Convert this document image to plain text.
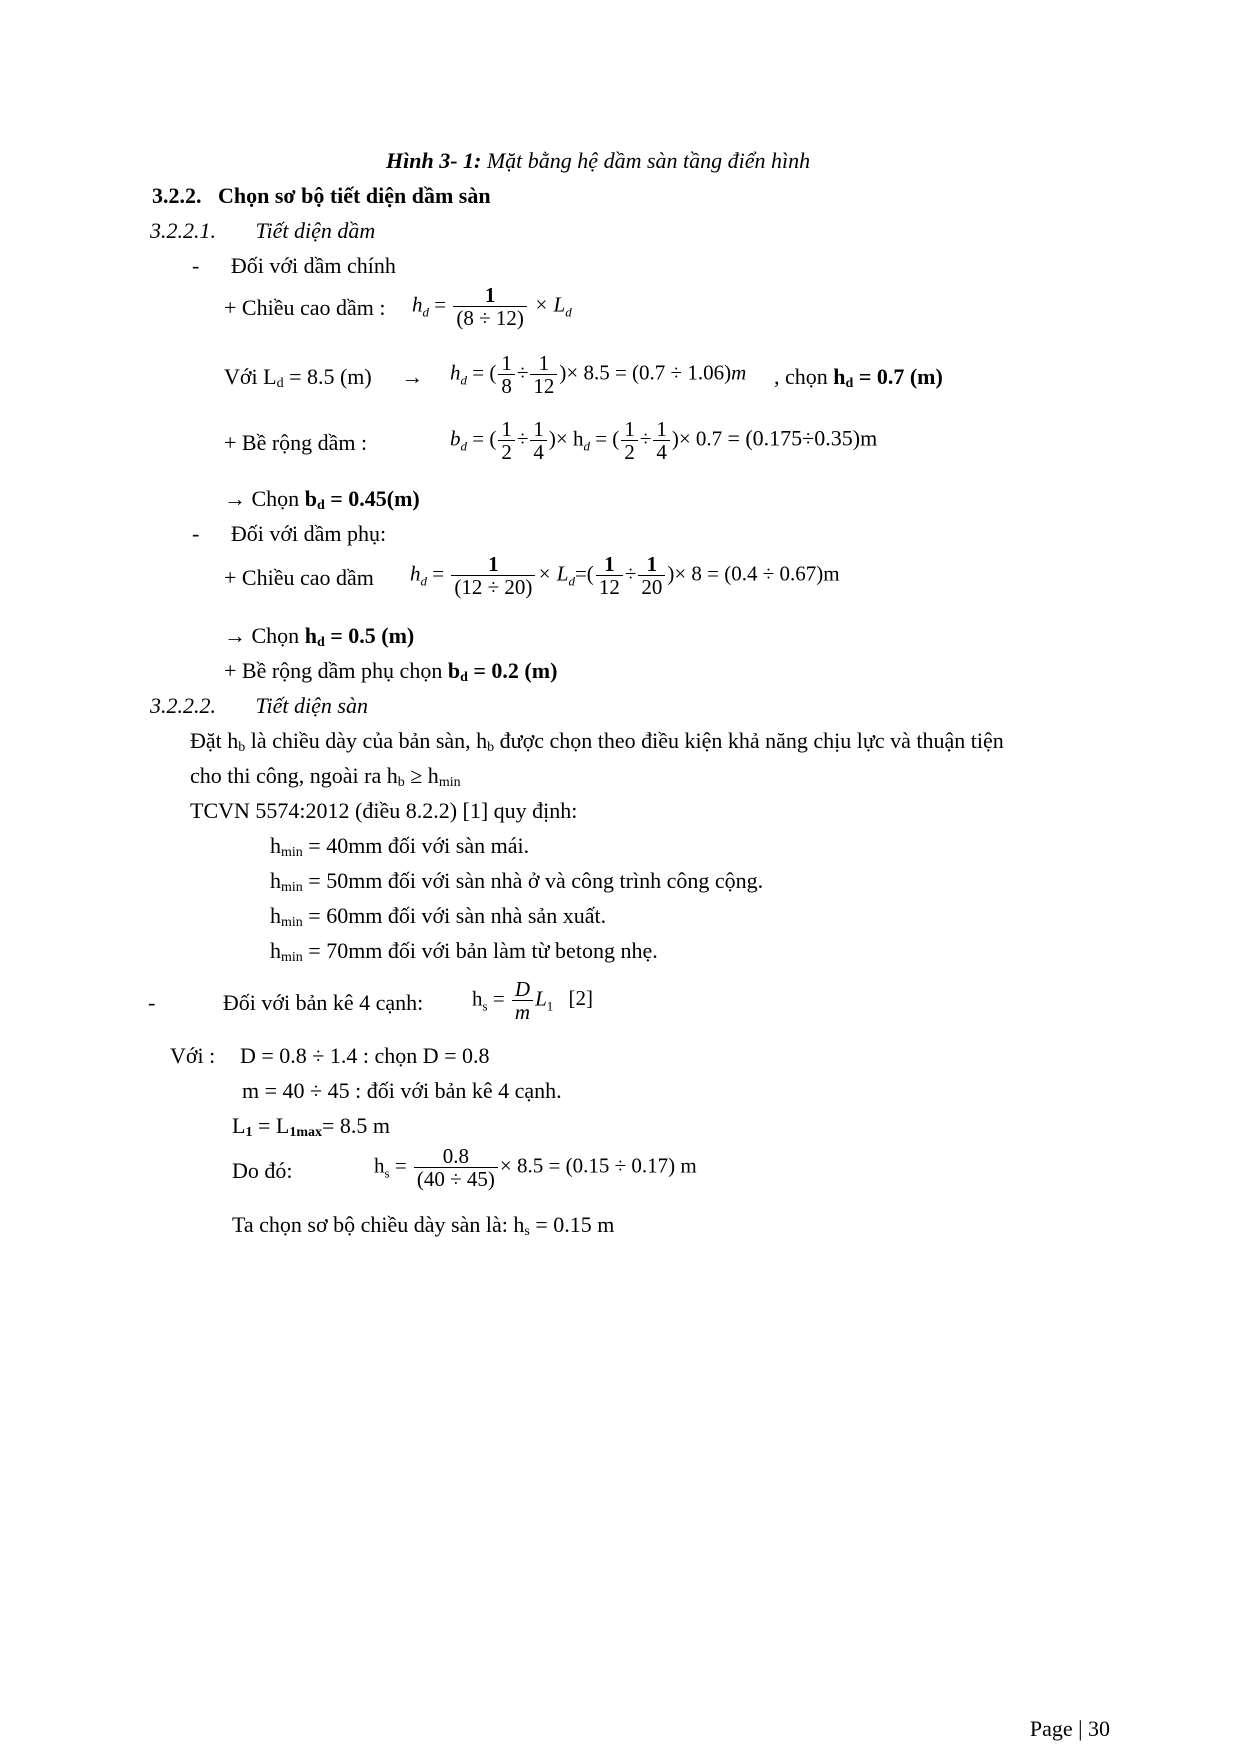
Hình 3- 1: Mặt bằng hệ dầm sàn tầng điển hình
3.2.2. Chọn sơ bộ tiết diện dầm sàn
3.2.2.1. Tiết diện dầm
- Đối với dầm chính
+ Chiều cao dầm : $h_d = \frac{1}{(8 \div 12)} \times L_d$
Với $L_d = 8.5$ $(m) \to h_d$ = ( $\frac{1}{8} \div \frac{1}{12}$ )× 8.5 = (0.7 ÷ 1.06)m , chọn $h_d = 0.7$ (m)
+ Bề rộng dầm :	$b_d$ = ( $\frac{1}{2} \div \frac{1}{4}$ )× $h_d$ = ( $\frac{1}{2} \div \frac{1}{4}$ )× 0.7 = (0.175÷0.35)m
→ Chọn $b_d = 0.45(m)$
- Đối với dầm phụ:
+ Chiều cao dầm $h_d = \frac{1}{(12 \div 20)} \times L_d=( \frac{1}{12} \div \frac{1}{20}$ )× 8 = (0.4 ÷ 0.67)m
→ Chọn $h_d = 0.5$ (m)
+ Bề rộng dầm phụ chọn $b_d = 0.2$ (m)
3.2.2.2. Tiết diện sàn
Đặt $h_b$ là chiều dày của bản sàn, $h_b$ được chọn theo điều kiện khả năng chịu lực và thuận tiện
cho thi công, ngoài ra $h_b \ge h_{min}$
TCVN 5574:2012 (điều 8.2.2) [1] quy định:
$h_{min} = 40mm$ đối với sàn mái.
$h_{min} = 50mm$ đối với sàn nhà ở và công trình công cộng.
$h_{min} = 60mm$ đối với sàn nhà sản xuất.
$h_{min} = 70mm$ đối với bản làm từ betong nhẹ.
-	Đối với bản kê 4 cạnh: $h_s = \frac{D}{m} L_1$ [2]
Với : D = 0.8 ÷ 1.4 : chọn D = 0.8
m = 40 ÷ 45 : đối với bản kê 4 cạnh.
$L_1 = L_{1max}= 8.5$ m
Do đó:	$h_s = \frac{0.8}{(40 \div 45)} \times 8.5 = (0.15 \div 0.17)$ m
Ta chọn sơ bộ chiều dày sàn là: $h_s = 0.15$ m
Page | 30
